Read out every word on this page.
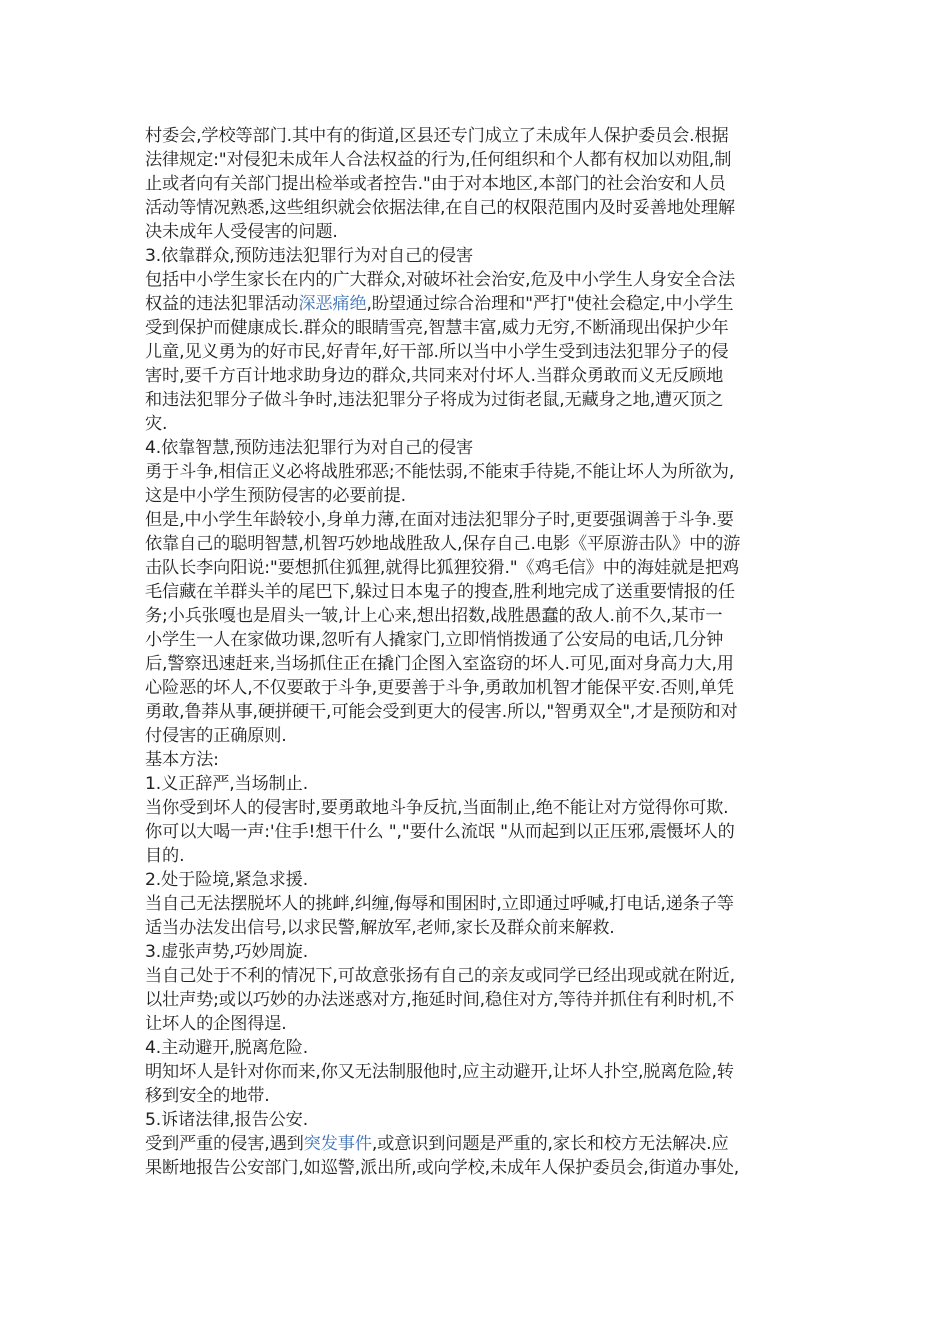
村委会,学校等部门.其中有的街道,区县还专门成立了未成年人保护委员会.根据
法律规定:"对侵犯未成年人合法权益的行为,任何组织和个人都有权加以劝阻,制
止或者向有关部门提出检举或者控告."由于对本地区,本部门的社会治安和人员
活动等情况熟悉,这些组织就会依据法律,在自己的权限范围内及时妥善地处理解
决未成年人受侵害的问题.
3.依靠群众,预防违法犯罪行为对自己的侵害
包括中小学生家长在内的广大群众,对破坏社会治安,危及中小学生人身安全合法
权益的违法犯罪活动深恶痛绝,盼望通过综合治理和"严打"使社会稳定,中小学生
受到保护而健康成长.群众的眼睛雪亮,智慧丰富,威力无穷,不断涌现出保护少年
儿童,见义勇为的好市民,好青年,好干部.所以当中小学生受到违法犯罪分子的侵
害时,要千方百计地求助身边的群众,共同来对付坏人.当群众勇敢而义无反顾地
和违法犯罪分子做斗争时,违法犯罪分子将成为过街老鼠,无藏身之地,遭灭顶之
灾.
4.依靠智慧,预防违法犯罪行为对自己的侵害
勇于斗争,相信正义必将战胜邪恶;不能怯弱,不能束手待毙,不能让坏人为所欲为,
这是中小学生预防侵害的必要前提.
但是,中小学生年龄较小,身单力薄,在面对违法犯罪分子时,更要强调善于斗争.要
依靠自己的聪明智慧,机智巧妙地战胜敌人,保存自己.电影《平原游击队》中的游
击队长李向阳说:"要想抓住狐狸,就得比狐狸狡猾."《鸡毛信》中的海娃就是把鸡
毛信藏在羊群头羊的尾巴下,躲过日本鬼子的搜查,胜利地完成了送重要情报的任
务;小兵张嘎也是眉头一皱,计上心来,想出招数,战胜愚蠢的敌人.前不久,某市一
小学生一人在家做功课,忽听有人撬家门,立即悄悄拨通了公安局的电话,几分钟
后,警察迅速赶来,当场抓住正在撬门企图入室盗窃的坏人.可见,面对身高力大,用
心险恶的坏人,不仅要敢于斗争,更要善于斗争,勇敢加机智才能保平安.否则,单凭
勇敢,鲁莽从事,硬拼硬干,可能会受到更大的侵害.所以,"智勇双全",才是预防和对
付侵害的正确原则.
基本方法:
1.义正辞严,当场制止.
当你受到坏人的侵害时,要勇敢地斗争反抗,当面制止,绝不能让对方觉得你可欺.
你可以大喝一声:'住手!想干什么 ","要什么流氓 "从而起到以正压邪,震慑坏人的
目的.
2.处于险境,紧急求援.
当自己无法摆脱坏人的挑衅,纠缠,侮辱和围困时,立即通过呼喊,打电话,递条子等
适当办法发出信号,以求民警,解放军,老师,家长及群众前来解救.
3.虚张声势,巧妙周旋.
当自己处于不利的情况下,可故意张扬有自己的亲友或同学已经出现或就在附近,
以壮声势;或以巧妙的办法迷惑对方,拖延时间,稳住对方,等待并抓住有利时机,不
让坏人的企图得逞.
4.主动避开,脱离危险.
明知坏人是针对你而来,你又无法制服他时,应主动避开,让坏人扑空,脱离危险,转
移到安全的地带.
5.诉诸法律,报告公安.
受到严重的侵害,遇到突发事件,或意识到问题是严重的,家长和校方无法解决.应
果断地报告公安部门,如巡警,派出所,或向学校,未成年人保护委员会,街道办事处,
